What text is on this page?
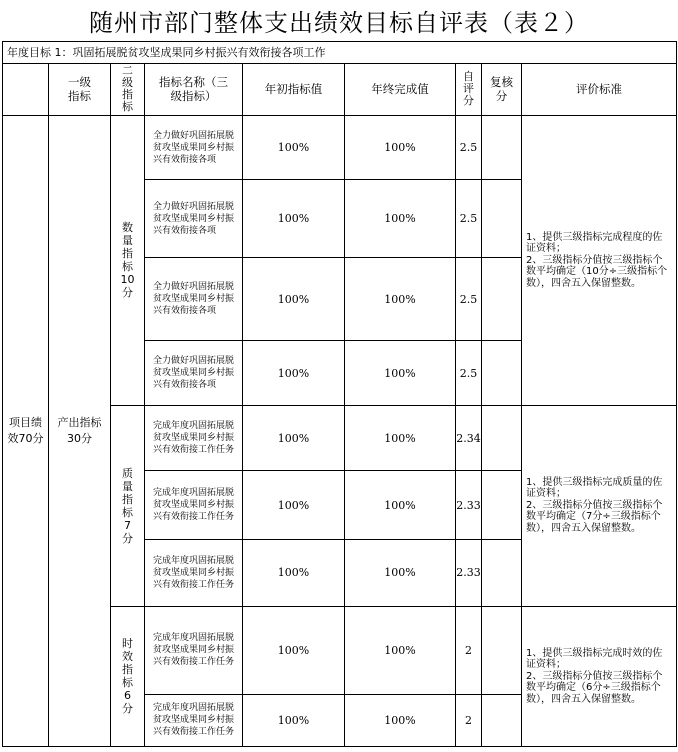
随州市部门整体支出绩效目标自评表（表２）
年度目标 1：巩固拓展脱贫攻坚成果同乡村振兴有效衔接各项工作								

	一级指标	二级指标	指标名称（三级指标）	年初指标值	年终完成值	自评分	复核分	评价标准

项目绩效70分	产出指标 30分	数量指标10分	全力做好巩固拓展脱贫攻坚成果同乡村振兴有效衔接各项	100%	100%	2.5		1、提供三级指标完成程度的佐证资料；
2、三级指标分值按三级指标个数平均确定（10分÷三级指标个数），四舍五入保留整数。
			全力做好巩固拓展脱贫攻坚成果同乡村振兴有效衔接各项	100%	100%	2.5		
			全力做好巩固拓展脱贫攻坚成果同乡村振兴有效衔接各项	100%	100%	2.5		
			全力做好巩固拓展脱贫攻坚成果同乡村振兴有效衔接各项	100%	100%	2.5		

		质量指标7分	完成年度巩固拓展脱贫攻坚成果同乡村振兴有效衔接工作任务	100%	100%	2.34		1、提供三级指标完成质量的佐证资料；
2、三级指标分值按三级指标个数平均确定（7分÷三级指标个数），四舍五入保留整数。
			完成年度巩固拓展脱贫攻坚成果同乡村振兴有效衔接工作任务	100%	100%	2.33		
			完成年度巩固拓展脱贫攻坚成果同乡村振兴有效衔接工作任务	100%	100%	2.33		

		时效指标6分	完成年度巩固拓展脱贫攻坚成果同乡村振兴有效衔接工作任务	100%	100%	2		1、提供三级指标完成时效的佐证资料；
2、三级指标分值按三级指标个数平均确定（6分÷三级指标个数），四舍五入保留整数。
			完成年度巩固拓展脱贫攻坚成果同乡村振兴有效衔接工作任务	100%	100%	2		
